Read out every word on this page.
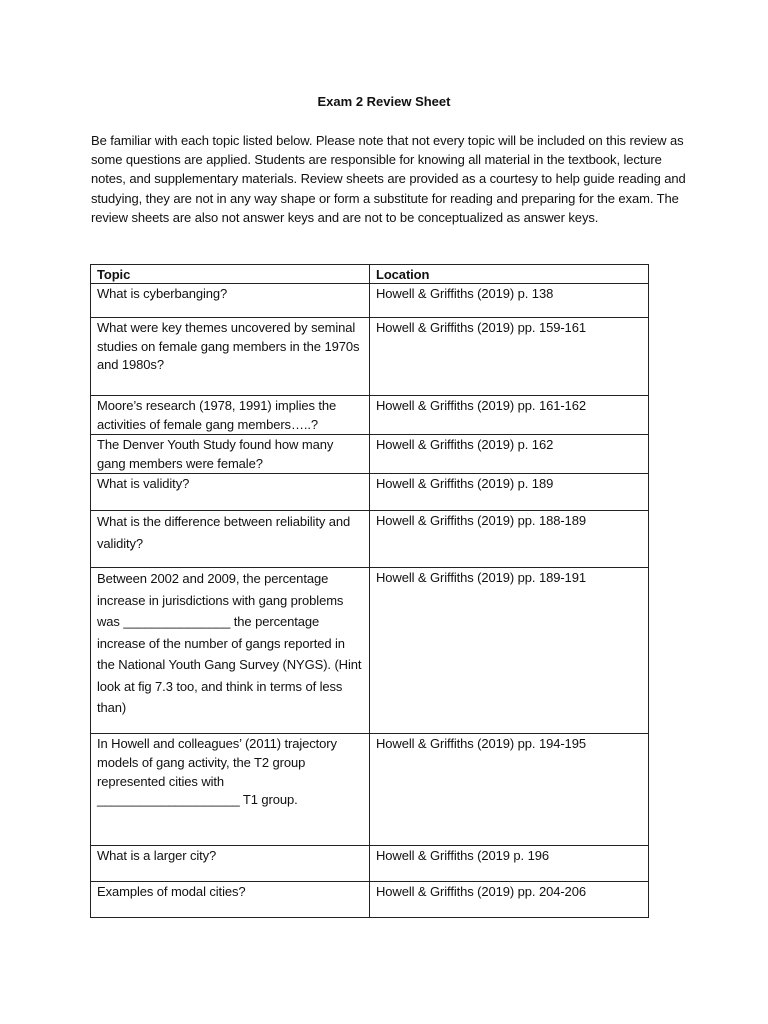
Exam 2 Review Sheet

Be familiar with each topic listed below. Please note that not every topic will be included on this review as some questions are applied. Students are responsible for knowing all material in the textbook, lecture notes, and supplementary materials. Review sheets are provided as a courtesy to help guide reading and studying, they are not in any way shape or form a substitute for reading and preparing for the exam. The review sheets are also not answer keys and are not to be conceptualized as answer keys.

Topic	Location
What is cyberbanging?	Howell & Griffiths (2019) p. 138
What were key themes uncovered by seminal studies on female gang members in the 1970s and 1980s?	Howell & Griffiths (2019) pp. 159-161
Moore’s research (1978, 1991) implies the activities of female gang members…..?	Howell & Griffiths (2019) pp. 161-162
The Denver Youth Study found how many gang members were female?	Howell & Griffiths (2019) p. 162
What is validity?	Howell & Griffiths (2019) p. 189
What is the difference between reliability and validity?	Howell & Griffiths (2019) pp. 188-189
Between 2002 and 2009, the percentage increase in jurisdictions with gang problems was _______________ the percentage increase of the number of gangs reported in the National Youth Gang Survey (NYGS). (Hint look at fig 7.3 too, and think in terms of less than)	Howell & Griffiths (2019) pp. 189-191
In Howell and colleagues’ (2011) trajectory models of gang activity, the T2 group represented cities with ____________________ T1 group.	Howell & Griffiths (2019) pp. 194-195
What is a larger city?	Howell & Griffiths (2019 p. 196
Examples of modal cities?	Howell & Griffiths (2019) pp. 204-206
